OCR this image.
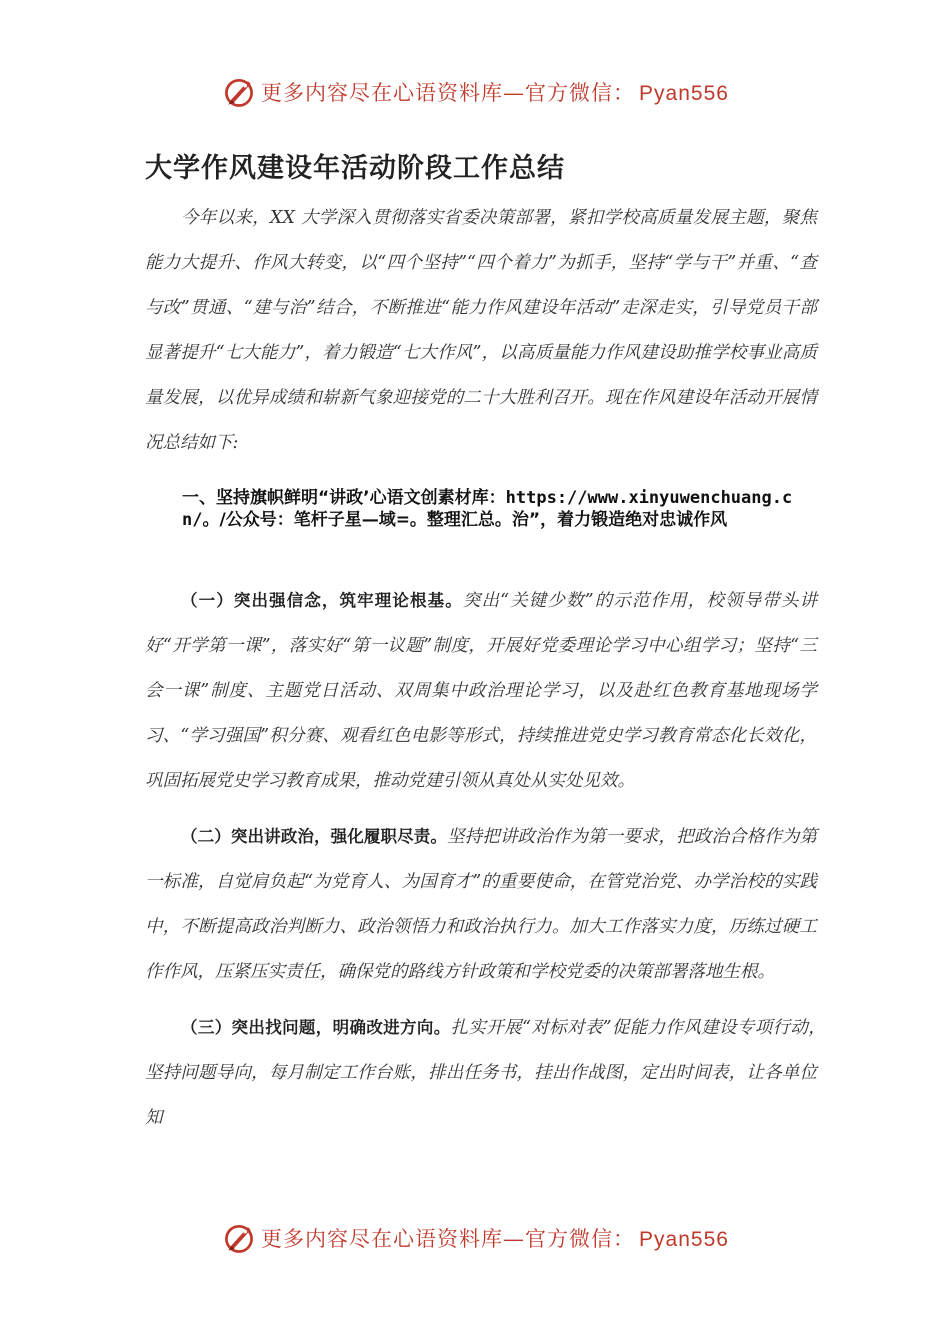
更多内容尽在心语资料库—官方微信： Pyan556
大学作风建设年活动阶段工作总结

今年以来，XX 大学深入贯彻落实省委决策部署，紧扣学校高质量发展主题，聚焦能力大提升、作风大转变，以“四个坚持”“四个着力”为抓手，坚持“学与干”并重、“查与改”贯通、“建与治”结合，不断推进“能力作风建设年活动”走深走实，引导党员干部显著提升“七大能力”，着力锻造“七大作风”，以高质量能力作风建设助推学校事业高质量发展，以优异成绩和崭新气象迎接党的二十大胜利召开。现在作风建设年活动开展情况总结如下:

一、坚持旗帜鲜明“讲政’心语文创素材库：https://www.xinyuwenchuang.cn/。/公众号：笔杆子星—域=。整理汇总。治”，着力锻造绝对忠诚作风

（一）突出强信念，筑牢理论根基。突出“关键少数”的示范作用，校领导带头讲好“开学第一课”，落实好“第一议题”制度，开展好党委理论学习中心组学习；坚持“三会一课”制度、主题党日活动、双周集中政治理论学习，以及赴红色教育基地现场学习、“学习强国”积分赛、观看红色电影等形式，持续推进党史学习教育常态化长效化，巩固拓展党史学习教育成果，推动党建引领从真处从实处见效。

（二）突出讲政治，强化履职尽责。坚持把讲政治作为第一要求，把政治合格作为第一标准，自觉肩负起“为党育人、为国育才”的重要使命，在管党治党、办学治校的实践中，不断提高政治判断力、政治领悟力和政治执行力。加大工作落实力度，历练过硬工作作风，压紧压实责任，确保党的路线方针政策和学校党委的决策部署落地生根。

（三）突出找问题，明确改进方向。扎实开展“对标对表”促能力作风建设专项行动，　 坚持问题导向，每月制定工作台账，排出任务书，挂出作战图，定出时间表，让各单位知

更多内容尽在心语资料库—官方微信： Pyan556
